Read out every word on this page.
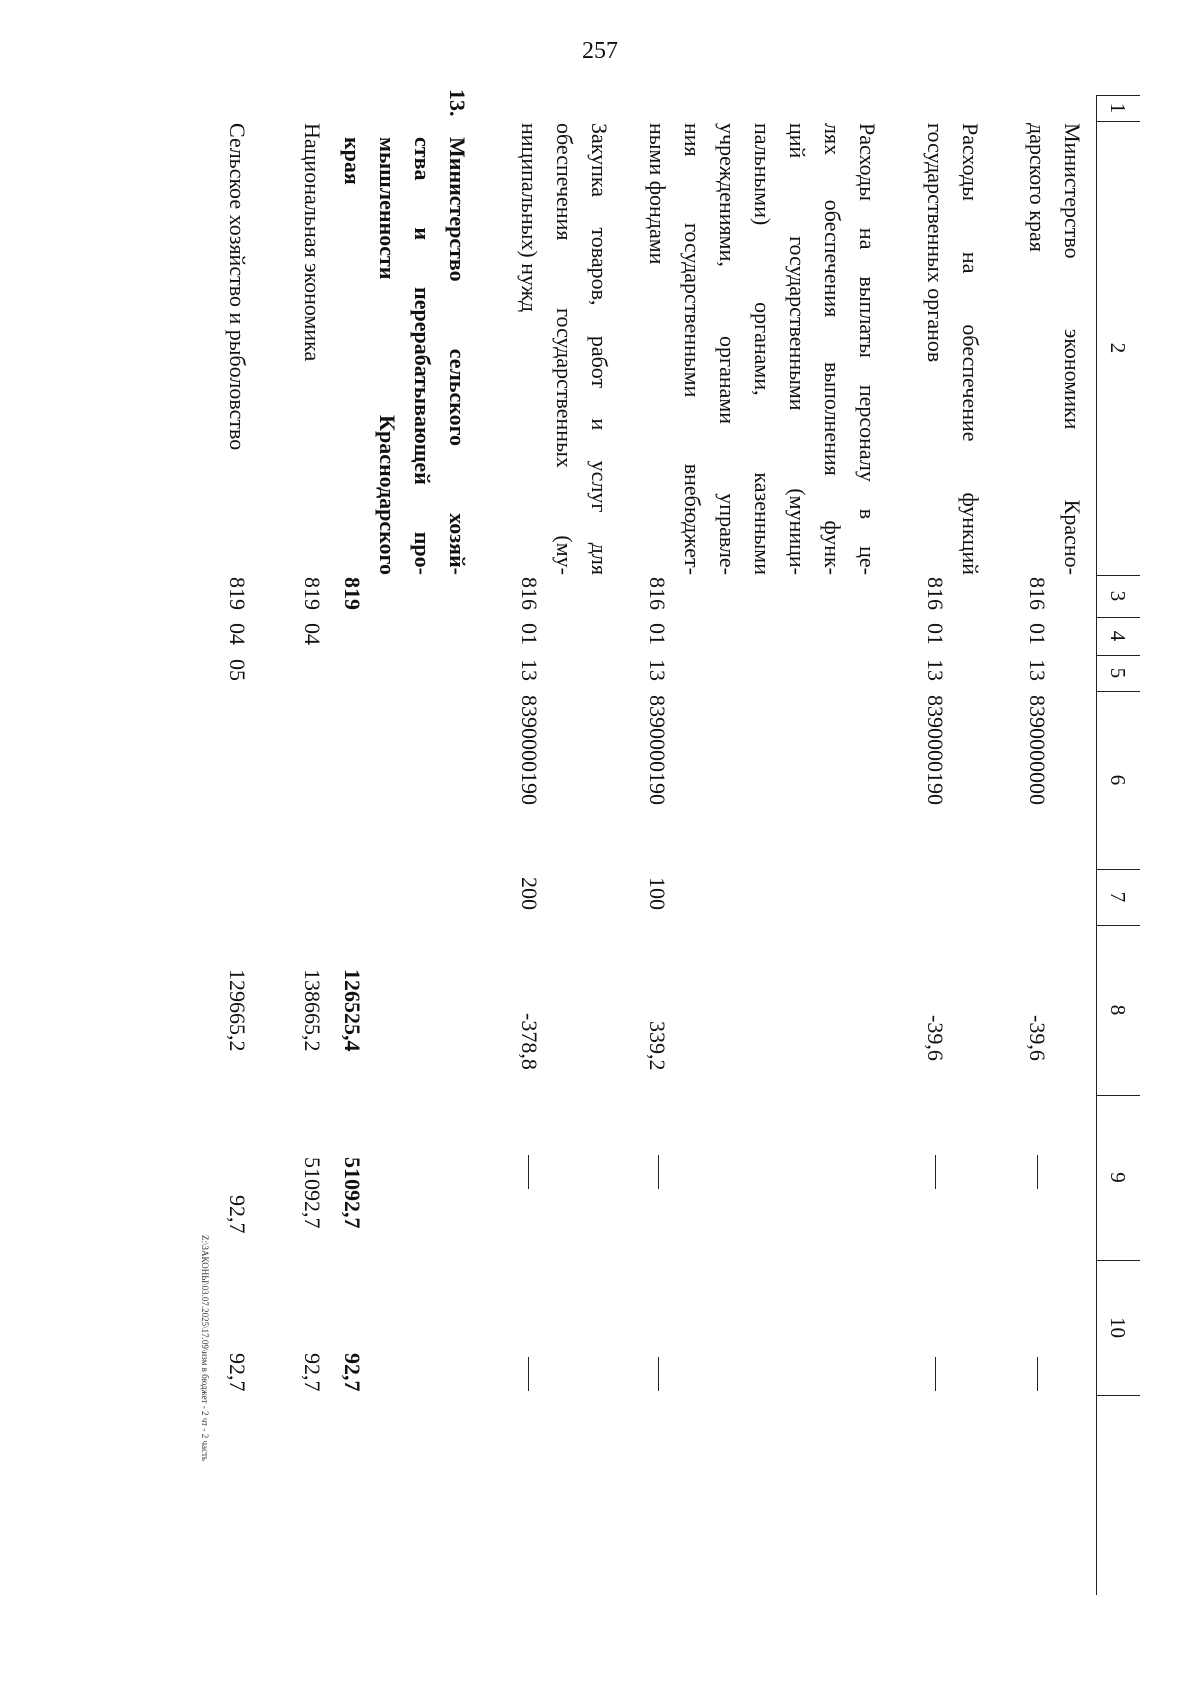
257
1
2
3
4
5
6
7
8
9
10
Министерство экономики Красно-

дарского края
816
01
13
8390000000
-39,6
Расходы на обеспечение функций

государственных органов
816
01
13
8390000190
-39,6
Расходы на выплаты персоналу в це-
лях обеспечения выполнения функ-
ций государственными (муници-
пальными) органами, казенными
учреждениями, органами управле-
ния государственными внебюджет-

ными фондами
816
01
13
8390000190
100
339,2
Закупка товаров, работ и услуг для
обеспечения государственных (му-

ниципальных) нужд
816
01
13
8390000190
200
-378,8
13.
Министерство сельского хозяй-
ства и перерабатывающей про-
мышленности Краснодарского

края
819
126525,4
51092,7
92,7
Национальная экономика
819
04
138665,2
51092,7
92,7
Сельское хозяйство и рыболовство
819
04
05
129665,2
92,7
92,7
Z:\ЗАКОНЫ\03.07.2025\17.09\изм в бюджет - 2 чт - 2 часть
